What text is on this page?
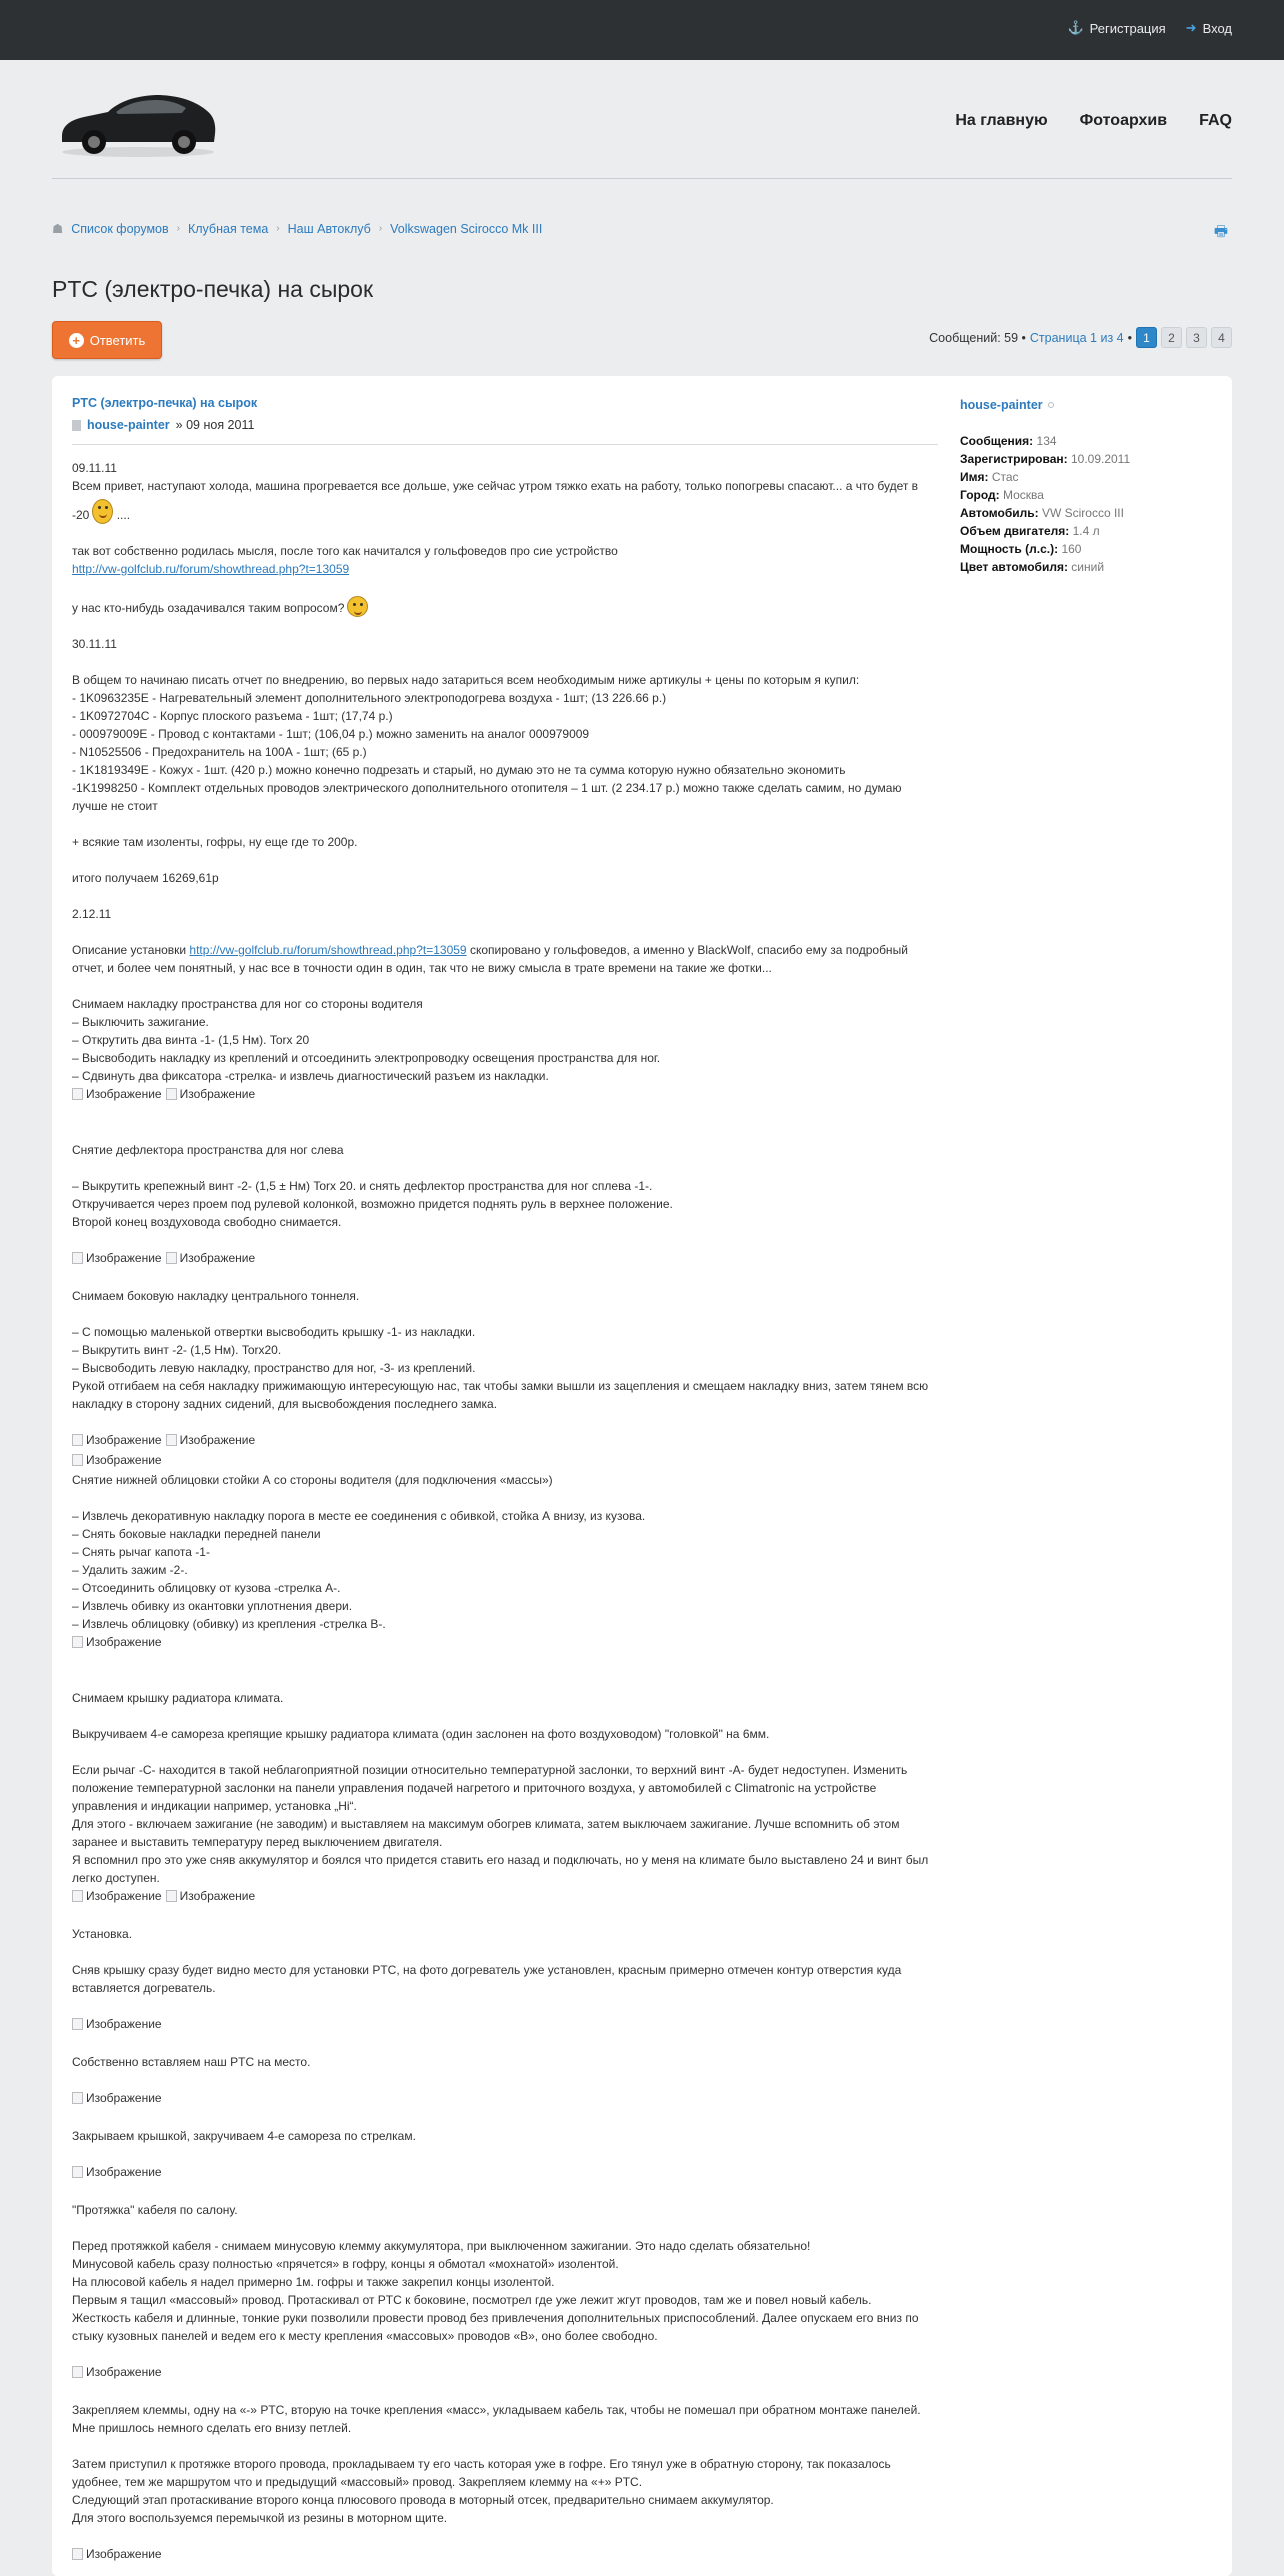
⚓ Регистрация ➜ Вход
На главную Фотоархив FAQ
☗ Список форумов › Клубная тема › Наш Автоклуб › Volkswagen Scirocco Mk III	🖶
PTC (электро-печка) на сырок
+ Ответить	Сообщений: 59 • Страница 1 из 4 • 1	2	3	4
PTC (электро-печка) на сырок
house-painter » 09 ноя 2011
09.11.11
Всем привет, наступают холода, машина прогревается все дольше, уже сейчас утром тяжко ехать на работу, только попогревы спасают... а что будет в
-20 ....
так вот собственно родилась мысля, после того как начитался у гольфоведов про сие устройство
http://vw-golfclub.ru/forum/showthread.php?t=13059
у нас кто-нибудь озадачивался таким вопросом?
30.11.11
В общем то начинаю писать отчет по внедрению, во первых надо затариться всем необходимым ниже артикулы + цены по которым я купил:
- 1K0963235E - Нагревательный элемент дополнительного электроподогрева воздуха - 1шт; (13 226.66 р.)
- 1K0972704C - Корпус плоского разъема - 1шт; (17,74 р.)
- 000979009E - Провод с контактами - 1шт; (106,04 р.) можно заменить на аналог 000979009
- N10525506 - Предохранитель на 100А - 1шт; (65 р.)
- 1K1819349E - Кожух - 1шт. (420 р.) можно конечно подрезать и старый, но думаю это не та сумма которую нужно обязательно экономить
-1K1998250 - Комплект отдельных проводов электрического дополнительного отопителя – 1 шт. (2 234.17 р.) можно также сделать самим, но думаю лучше не стоит
+ всякие там изоленты, гофры, ну еще где то 200р.
итого получаем 16269,61р
2.12.11
Описание установки http://vw-golfclub.ru/forum/showthread.php?t=13059 скопировано у гольфоведов, а именно у BlackWolf, спасибо ему за подробный отчет, и более чем понятный, у нас все в точности один в один, так что не вижу смысла в трате времени на такие же фотки...
Снимаем накладку пространства для ног со стороны водителя
– Выключить зажигание.
– Открутить два винта -1- (1,5 Нм). Torx 20
– Высвободить накладку из креплений и отсоединить электропроводку освещения пространства для ног.
– Сдвинуть два фиксатора -стрелка- и извлечь диагностический разъем из накладки.
Изображение Изображение
Снятие дефлектора пространства для ног слева
– Выкрутить крепежный винт -2- (1,5 ± Нм) Torx 20. и снять дефлектор пространства для ног сплева -1-.
Откручивается через проем под рулевой колонкой, возможно придется поднять руль в верхнее положение.
Второй конец воздуховода свободно снимается.
Изображение Изображение
Снимаем боковую накладку центрального тоннеля.
– С помощью маленькой отвертки высвободить крышку -1- из накладки.
– Выкрутить винт -2- (1,5 Нм). Torx20.
– Высвободить левую накладку, пространство для ног, -3- из креплений.
Рукой отгибаем на себя накладку прижимающую интересующую нас, так чтобы замки вышли из зацепления и смещаем накладку вниз, затем тянем всю накладку в сторону задних сидений, для высвобождения последнего замка.
Изображение Изображение
Изображение
Снятие нижней облицовки стойки А со стороны водителя (для подключения «массы»)
– Извлечь декоративную накладку порога в месте ее соединения с обивкой, стойка А внизу, из кузова.
– Снять боковые накладки передней панели
– Снять рычаг капота -1-
– Удалить зажим -2-.
– Отсоединить облицовку от кузова -стрелка А-.
– Извлечь обивку из окантовки уплотнения двери.
– Извлечь облицовку (обивку) из крепления -стрелка В-.
Изображение
Снимаем крышку радиатора климата.
Выкручиваем 4-е самореза крепящие крышку радиатора климата (один заслонен на фото воздуховодом) "головкой" на 6мм.
Если рычаг -С- находится в такой неблагоприятной позиции относительно температурной заслонки, то верхний винт -А- будет недоступен. Изменить положение температурной заслонки на панели управления подачей нагретого и приточного воздуха, у автомобилей с Climatronic на устройстве управления и индикации например, установка „Hi“.
Для этого - включаем зажигание (не заводим) и выставляем на максимум обогрев климата, затем выключаем зажигание. Лучше вспомнить об этом заранее и выставить температуру перед выключением двигателя.
Я вспомнил про это уже сняв аккумулятор и боялся что придется ставить его назад и подключать, но у меня на климате было выставлено 24 и винт был легко доступен.
Изображение Изображение
Установка.
Сняв крышку сразу будет видно место для установки PTC, на фото догреватель уже установлен, красным примерно отмечен контур отверстия куда вставляется догреватель.
Изображение
Собственно вставляем наш PTC на место.
Изображение
Закрываем крышкой, закручиваем 4-е самореза по стрелкам.
Изображение
"Протяжка" кабеля по салону.
Перед протяжкой кабеля - снимаем минусовую клемму аккумулятора, при выключенном зажигании. Это надо сделать обязательно!
Минусовой кабель сразу полностью «прячется» в гофру, концы я обмотал «мохнатой» изолентой.
На плюсовой кабель я надел примерно 1м. гофры и также закрепил концы изолентой.
Первым я тащил «массовый» провод. Протаскивал от PTC к боковине, посмотрел где уже лежит жгут проводов, там же и повел новый кабель.
Жесткость кабеля и длинные, тонкие руки позволили провести провод без привлечения дополнительных приспособлений. Далее опускаем его вниз по стыку кузовных панелей и ведем его к месту крепления «массовых» проводов «В», оно более свободно.
Изображение
Закрепляем клеммы, одну на «-» PTC, вторую на точке крепления «масс», укладываем кабель так, чтобы не помешал при обратном монтаже панелей.
Мне пришлось немного сделать его внизу петлей.
Затем приступил к протяжке второго провода, прокладываем ту его часть которая уже в гофре. Его тянул уже в обратную сторону, так показалось удобнее, тем же маршрутом что и предыдущий «массовый» провод. Закрепляем клемму на «+» PTC.
Следующий этап протаскивание второго конца плюсового провода в моторный отсек, предварительно снимаем аккумулятор.
Для этого воспользуемся перемычкой из резины в моторном щите.
Изображение
house-painter
Сообщения: 134
Зарегистрирован: 10.09.2011
Имя: Стас
Город: Москва
Автомобиль: VW Scirocco III
Объем двигателя: 1.4 л
Мощность (л.с.): 160
Цвет автомобиля: синий
